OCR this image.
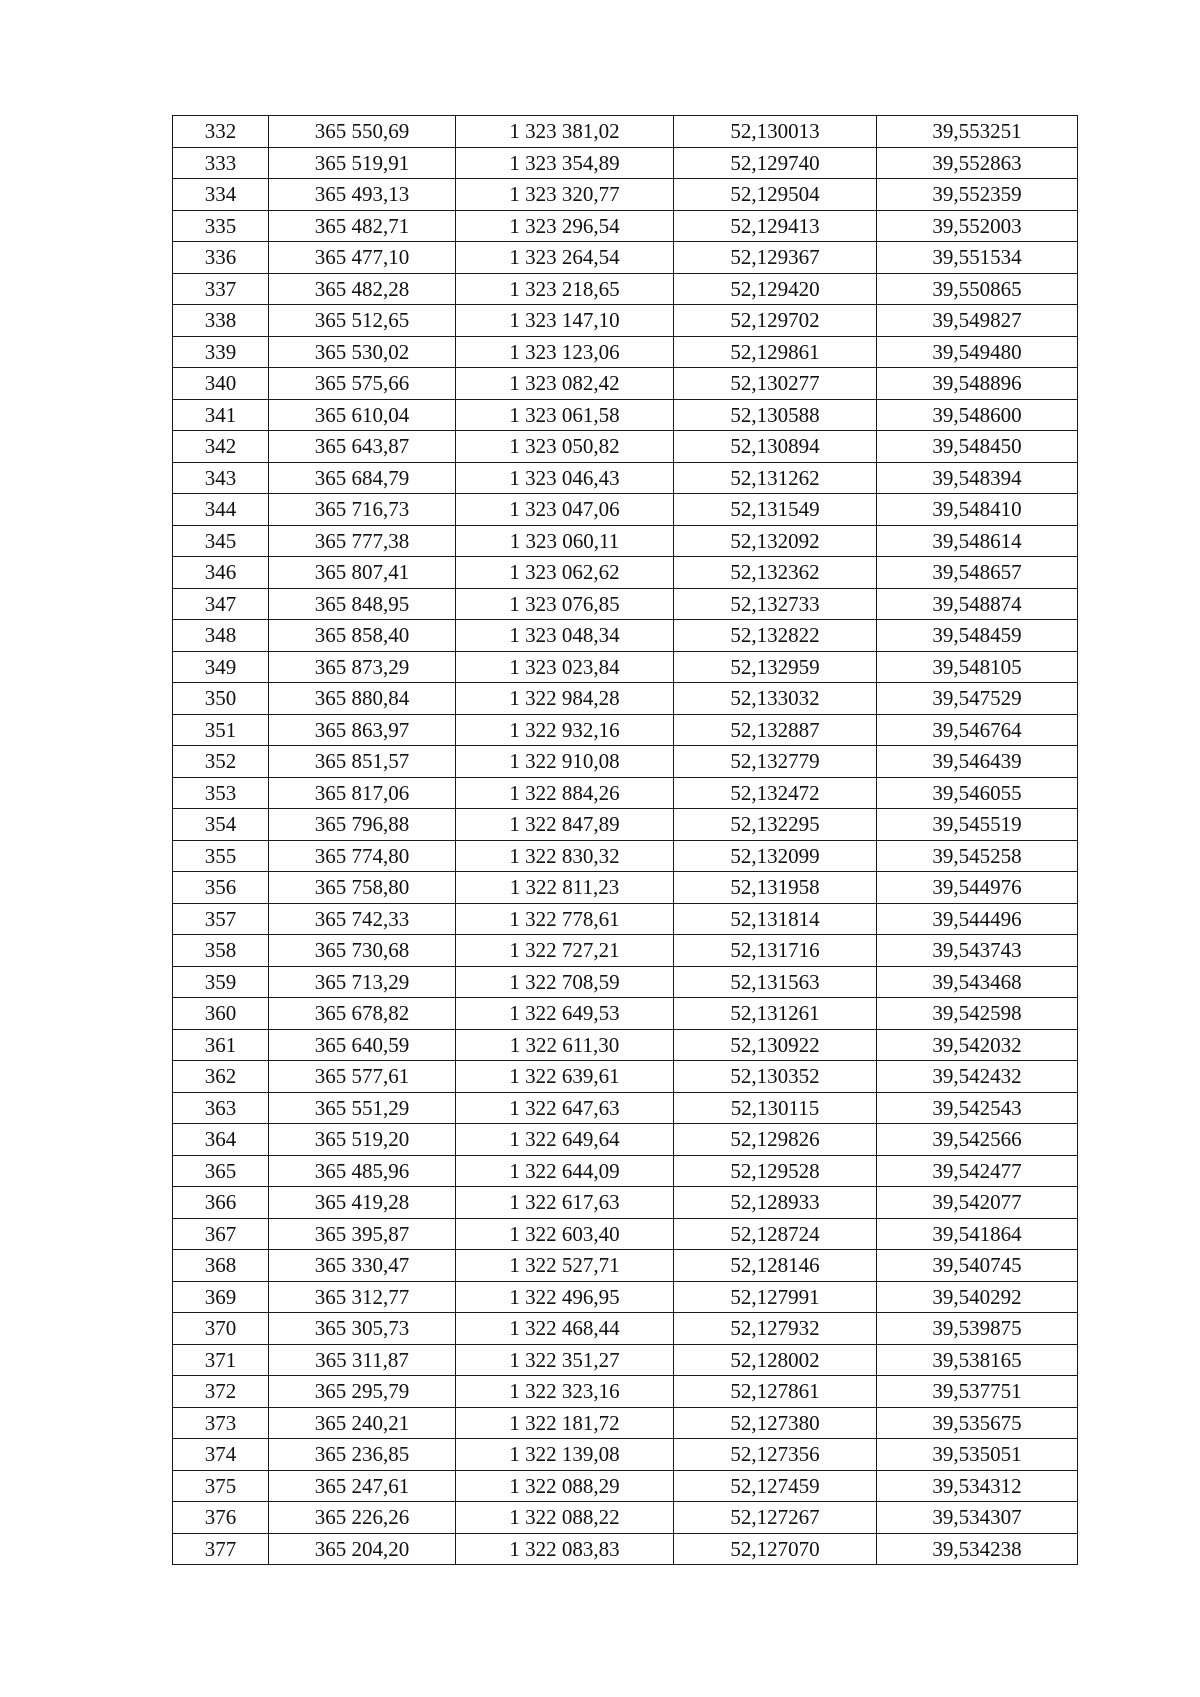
332	365 550,69	1 323 381,02	52,130013	39,553251
333	365 519,91	1 323 354,89	52,129740	39,552863
334	365 493,13	1 323 320,77	52,129504	39,552359
335	365 482,71	1 323 296,54	52,129413	39,552003
336	365 477,10	1 323 264,54	52,129367	39,551534
337	365 482,28	1 323 218,65	52,129420	39,550865
338	365 512,65	1 323 147,10	52,129702	39,549827
339	365 530,02	1 323 123,06	52,129861	39,549480
340	365 575,66	1 323 082,42	52,130277	39,548896
341	365 610,04	1 323 061,58	52,130588	39,548600
342	365 643,87	1 323 050,82	52,130894	39,548450
343	365 684,79	1 323 046,43	52,131262	39,548394
344	365 716,73	1 323 047,06	52,131549	39,548410
345	365 777,38	1 323 060,11	52,132092	39,548614
346	365 807,41	1 323 062,62	52,132362	39,548657
347	365 848,95	1 323 076,85	52,132733	39,548874
348	365 858,40	1 323 048,34	52,132822	39,548459
349	365 873,29	1 323 023,84	52,132959	39,548105
350	365 880,84	1 322 984,28	52,133032	39,547529
351	365 863,97	1 322 932,16	52,132887	39,546764
352	365 851,57	1 322 910,08	52,132779	39,546439
353	365 817,06	1 322 884,26	52,132472	39,546055
354	365 796,88	1 322 847,89	52,132295	39,545519
355	365 774,80	1 322 830,32	52,132099	39,545258
356	365 758,80	1 322 811,23	52,131958	39,544976
357	365 742,33	1 322 778,61	52,131814	39,544496
358	365 730,68	1 322 727,21	52,131716	39,543743
359	365 713,29	1 322 708,59	52,131563	39,543468
360	365 678,82	1 322 649,53	52,131261	39,542598
361	365 640,59	1 322 611,30	52,130922	39,542032
362	365 577,61	1 322 639,61	52,130352	39,542432
363	365 551,29	1 322 647,63	52,130115	39,542543
364	365 519,20	1 322 649,64	52,129826	39,542566
365	365 485,96	1 322 644,09	52,129528	39,542477
366	365 419,28	1 322 617,63	52,128933	39,542077
367	365 395,87	1 322 603,40	52,128724	39,541864
368	365 330,47	1 322 527,71	52,128146	39,540745
369	365 312,77	1 322 496,95	52,127991	39,540292
370	365 305,73	1 322 468,44	52,127932	39,539875
371	365 311,87	1 322 351,27	52,128002	39,538165
372	365 295,79	1 322 323,16	52,127861	39,537751
373	365 240,21	1 322 181,72	52,127380	39,535675
374	365 236,85	1 322 139,08	52,127356	39,535051
375	365 247,61	1 322 088,29	52,127459	39,534312
376	365 226,26	1 322 088,22	52,127267	39,534307
377	365 204,20	1 322 083,83	52,127070	39,534238
